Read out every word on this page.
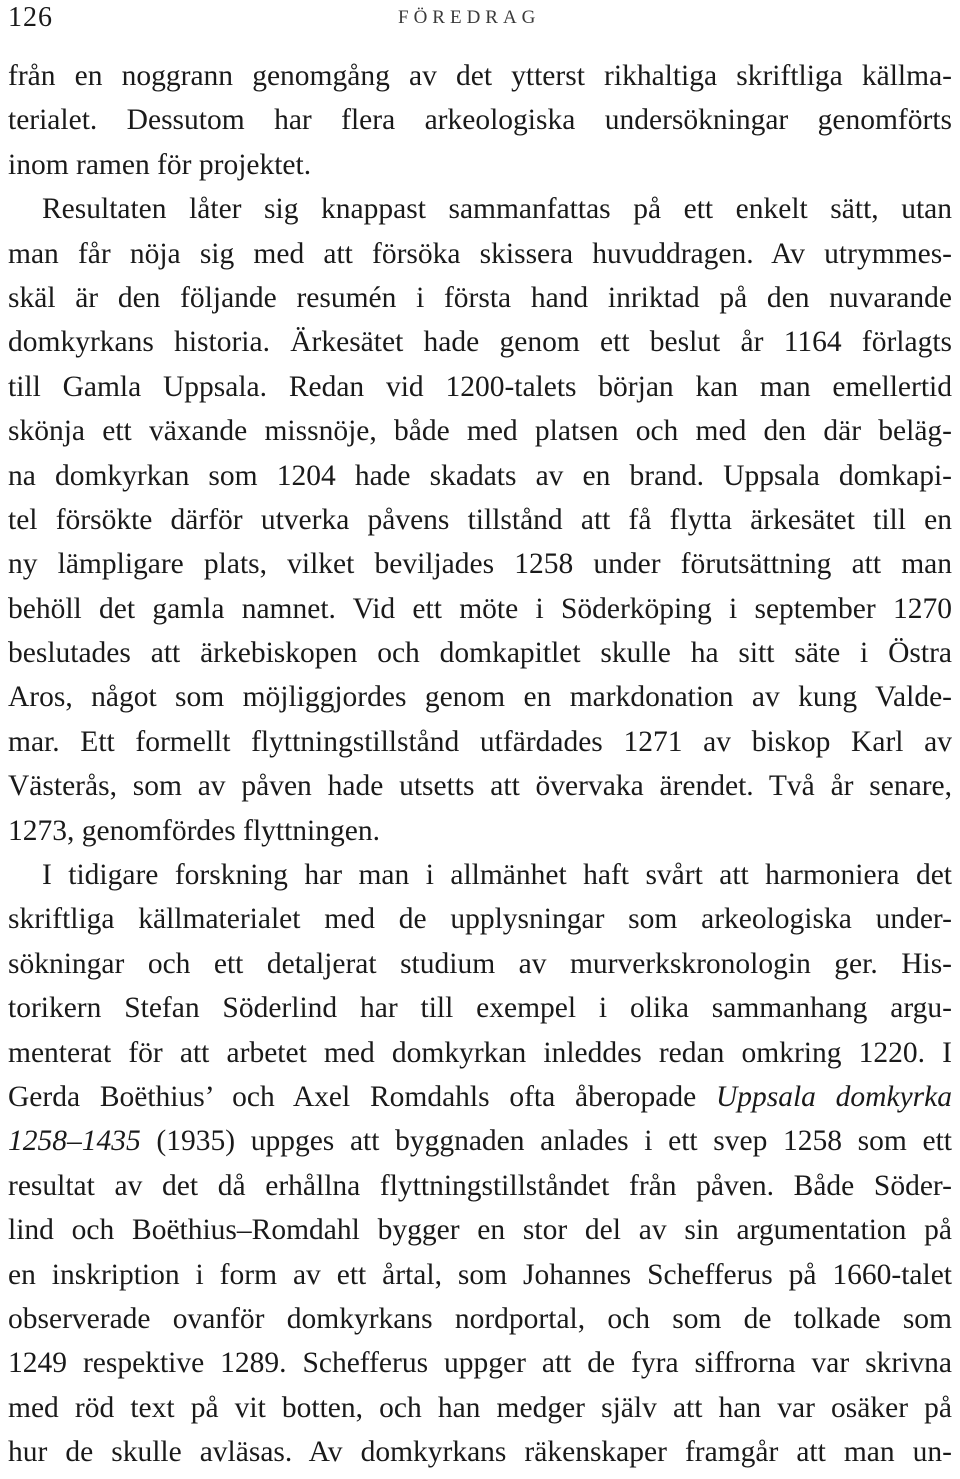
126	FÖREDRAG
från en noggrann genomgång av det ytterst rikhaltiga skriftliga källma-
terialet. Dessutom har flera arkeologiska undersökningar genomförts
inom ramen för projektet.
Resultaten låter sig knappast sammanfattas på ett enkelt sätt, utan
man får nöja sig med att försöka skissera huvuddragen. Av utrymmes-
skäl är den följande resumén i första hand inriktad på den nuvarande
domkyrkans historia. Ärkesätet hade genom ett beslut år 1164 förlagts
till Gamla Uppsala. Redan vid 1200-talets början kan man emellertid
skönja ett växande missnöje, både med platsen och med den där beläg-
na domkyrkan som 1204 hade skadats av en brand. Uppsala domkapi-
tel försökte därför utverka påvens tillstånd att få flytta ärkesätet till en
ny lämpligare plats, vilket beviljades 1258 under förutsättning att man
behöll det gamla namnet. Vid ett möte i Söderköping i september 1270
beslutades att ärkebiskopen och domkapitlet skulle ha sitt säte i Östra
Aros, något som möjliggjordes genom en markdonation av kung Valde-
mar. Ett formellt flyttningstillstånd utfärdades 1271 av biskop Karl av
Västerås, som av påven hade utsetts att övervaka ärendet. Två år senare,
1273, genomfördes flyttningen.
I tidigare forskning har man i allmänhet haft svårt att harmoniera det
skriftliga källmaterialet med de upplysningar som arkeologiska under-
sökningar och ett detaljerat studium av murverkskronologin ger. His-
torikern Stefan Söderlind har till exempel i olika sammanhang argu-
menterat för att arbetet med domkyrkan inleddes redan omkring 1220. I
Gerda Boëthius’ och Axel Romdahls ofta åberopade Uppsala domkyrka
1258–1435 (1935) uppges att byggnaden anlades i ett svep 1258 som ett
resultat av det då erhållna flyttningstillståndet från påven. Både Söder-
lind och Boëthius–Romdahl bygger en stor del av sin argumentation på
en inskription i form av ett årtal, som Johannes Schefferus på 1660-talet
observerade ovanför domkyrkans nordportal, och som de tolkade som
1249 respektive 1289. Schefferus uppger att de fyra siffrorna var skrivna
med röd text på vit botten, och han medger själv att han var osäker på
hur de skulle avläsas. Av domkyrkans räkenskaper framgår att man un-
